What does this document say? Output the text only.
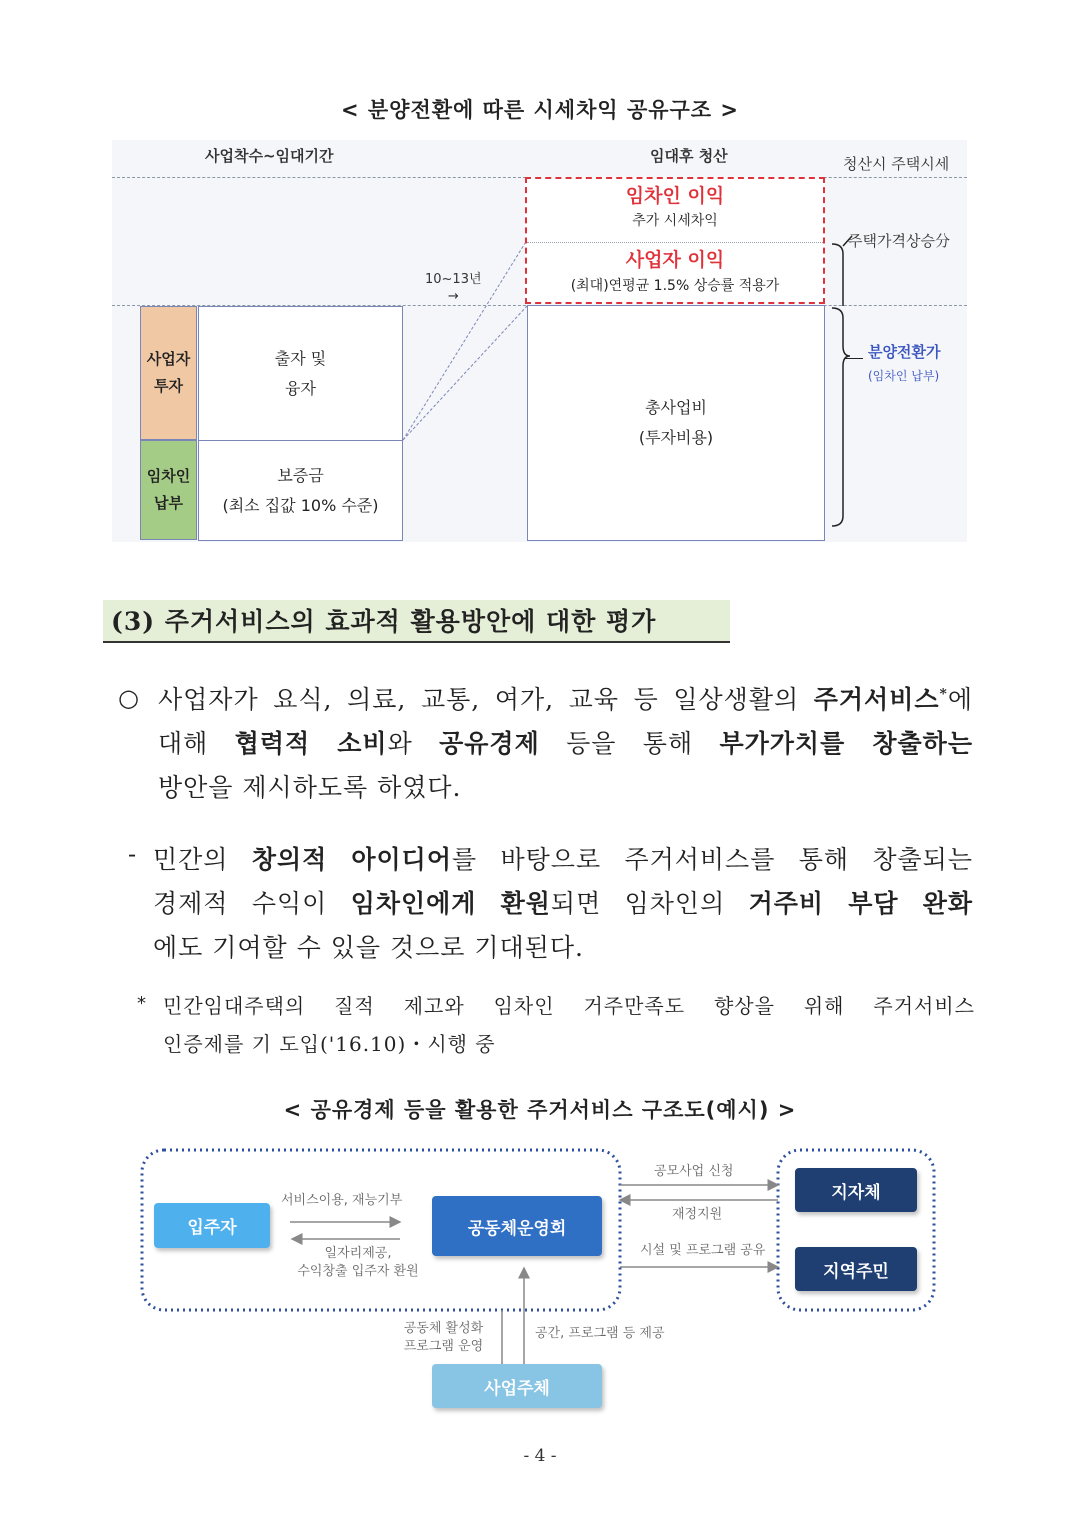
< 분양전환에 따른 시세차익 공유구조 >
사업착수~임대기간	임대후 청산	청산시 주택시세
사업자
투자
임차인
납부
출자 및
융자
보증금
(최소 집값 10% 수준)
10~13년
→
총사업비
(투자비용)
임차인 이익
추가 시세차익
사업자 이익
(최대)연평균 1.5% 상승률 적용가
주택가격상승分
분양전환가
(임차인 납부)
(3) 주거서비스의 효과적 활용방안에 대한 평가
○ 사업자가 요식, 의료, 교통, 여가, 교육 등 일상생활의 주거서비스*에
대해 협력적 소비와 공유경제 등을 통해 부가가치를 창출하는
방안을 제시하도록 하였다.
- 민간의 창의적 아이디어를 바탕으로 주거서비스를 통해 창출되는
경제적 수익이 임차인에게 환원되면 임차인의 거주비 부담 완화
에도 기여할 수 있을 것으로 기대된다.
* 민간임대주택의 질적 제고와 임차인 거주만족도 향상을 위해 주거서비스
인증제를 기 도입('16.10)・시행 중
< 공유경제 등을 활용한 주거서비스 구조도(예시) >
입주자	공동체운영회
지자체
지역주민
사업주체
서비스이용, 재능기부
일자리제공,
수익창출 입주자 환원
공모사업 신청
재정지원
시설 및 프로그램 공유
공동체 활성화
프로그램 운영
공간, 프로그램 등 제공
- 4 -
